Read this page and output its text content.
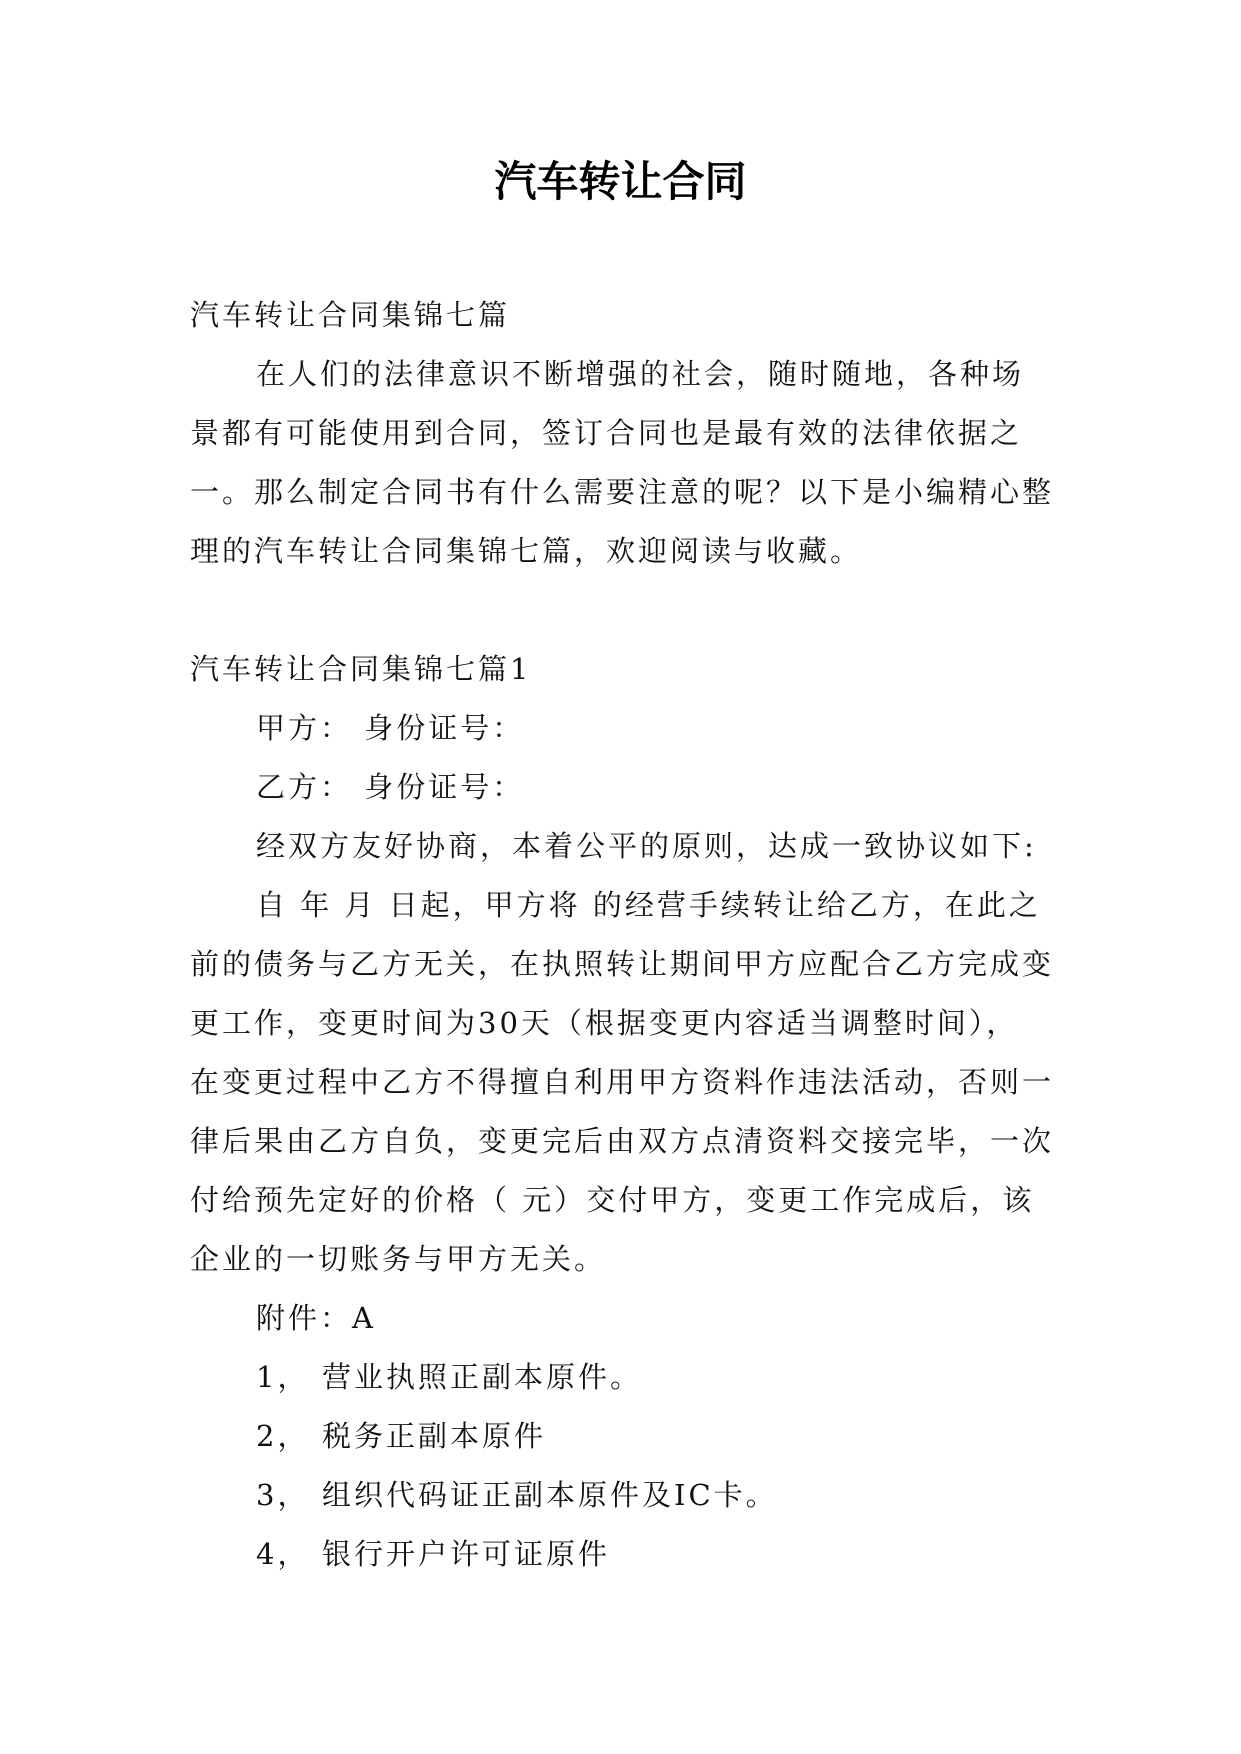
汽车转让合同

汽车转让合同集锦七篇

在人们的法律意识不断增强的社会，随时随地，各种场景都有可能使用到合同，签订合同也是最有效的法律依据之一。那么制定合同书有什么需要注意的呢？以下是小编精心整理的汽车转让合同集锦七篇，欢迎阅读与收藏。

汽车转让合同集锦七篇1

甲方： 身份证号：

乙方： 身份证号：

经双方友好协商，本着公平的原则，达成一致协议如下:

自 年 月 日起，甲方将 的经营手续转让给乙方，在此之前的债务与乙方无关，在执照转让期间甲方应配合乙方完成变更工作，变更时间为30天（根据变更内容适当调整时间）， 在变更过程中乙方不得擅自利用甲方资料作违法活动，否则一律后果由乙方自负，变更完后由双方点清资料交接完毕，一次付给预先定好的价格（ 元）交付甲方，变更工作完成后，该企业的一切账务与甲方无关。

附件：A

1， 营业执照正副本原件。

2， 税务正副本原件

3， 组织代码证正副本原件及IC卡。

4， 银行开户许可证原件
